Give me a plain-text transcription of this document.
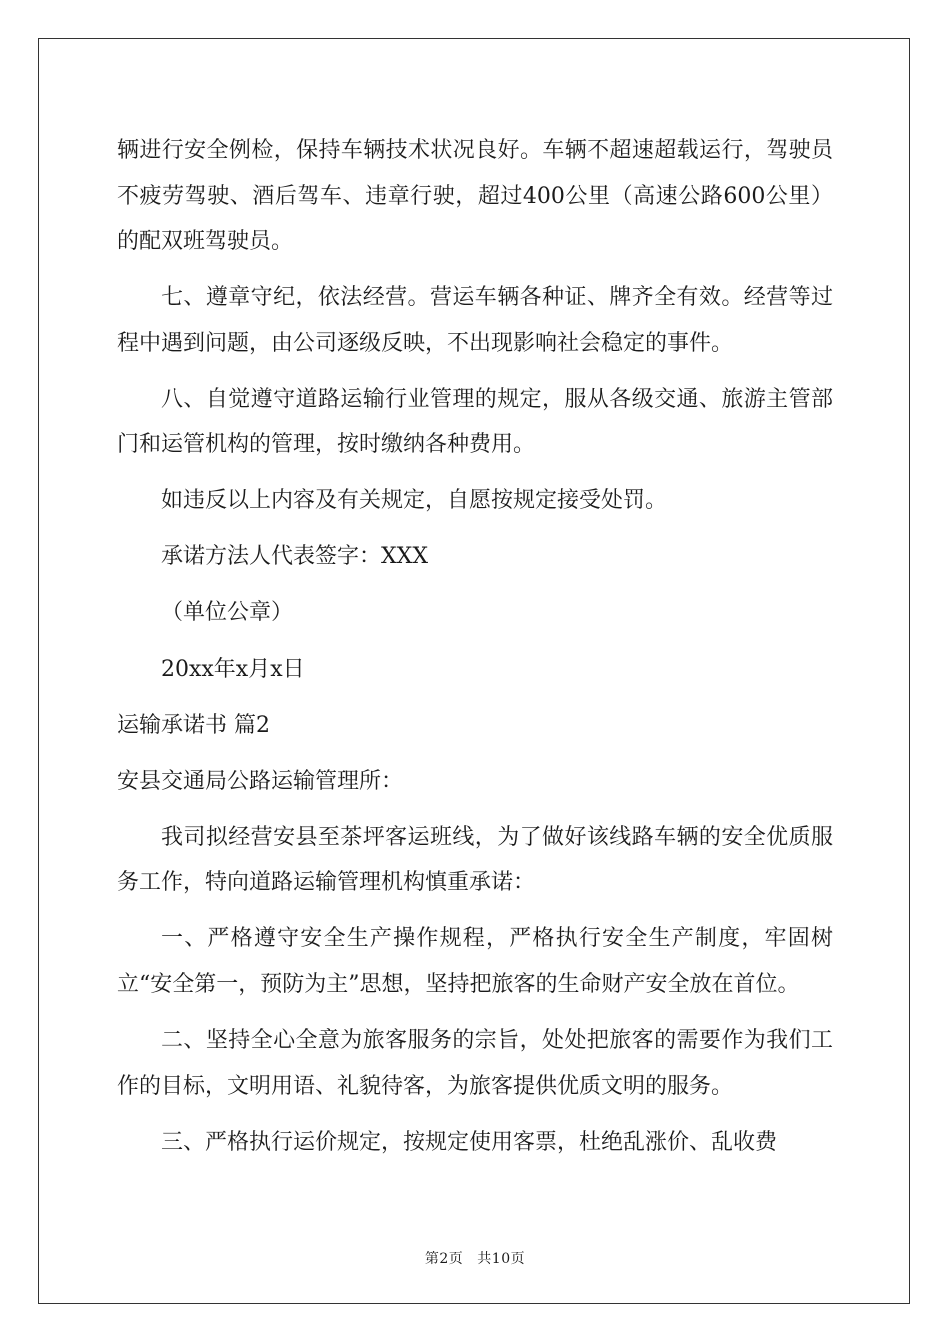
辆进行安全例检，保持车辆技术状况良好。车辆不超速超载运行，驾驶员不疲劳驾驶、酒后驾车、违章行驶，超过400公里（高速公路600公里）的配双班驾驶员。

七、遵章守纪，依法经营。营运车辆各种证、牌齐全有效。经营等过程中遇到问题，由公司逐级反映，不出现影响社会稳定的事件。

八、自觉遵守道路运输行业管理的规定，服从各级交通、旅游主管部门和运管机构的管理，按时缴纳各种费用。

如违反以上内容及有关规定，自愿按规定接受处罚。

承诺方法人代表签字：XXX

（单位公章）

20xx年x月x日

运输承诺书 篇2

安县交通局公路运输管理所：

我司拟经营安县至茶坪客运班线，为了做好该线路车辆的安全优质服务工作，特向道路运输管理机构慎重承诺：

一、严格遵守安全生产操作规程，严格执行安全生产制度，牢固树立“安全第一，预防为主”思想，坚持把旅客的生命财产安全放在首位。

二、坚持全心全意为旅客服务的宗旨，处处把旅客的需要作为我们工作的目标，文明用语、礼貌待客，为旅客提供优质文明的服务。

三、严格执行运价规定，按规定使用客票，杜绝乱涨价、乱收费

第2页 共10页
